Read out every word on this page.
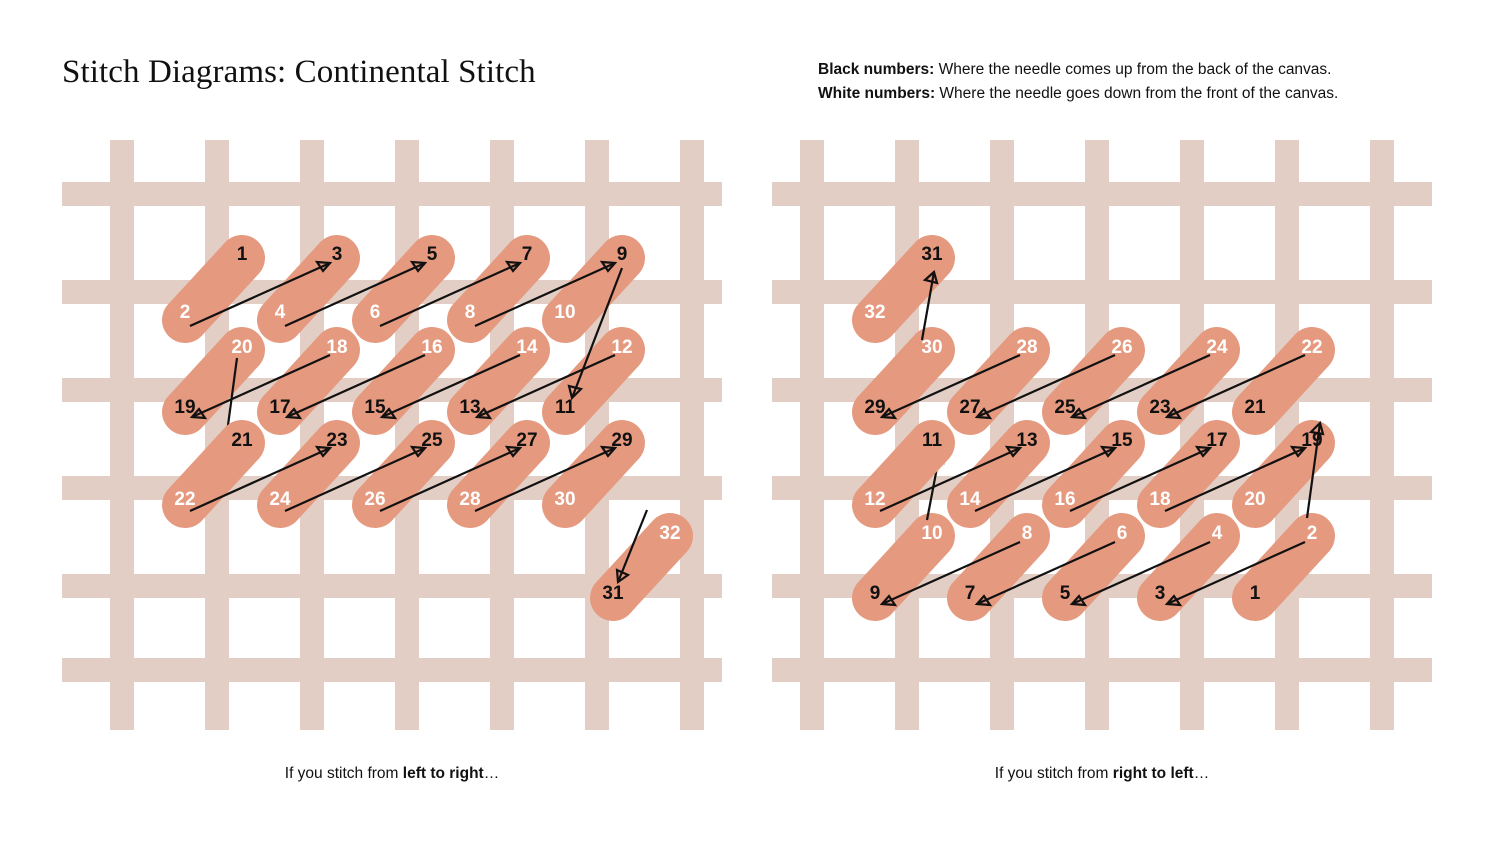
Stitch Diagrams: Continental Stitch	Black numbers: Where the needle comes up from the back of the canvas.
White numbers: Where the needle goes down from the front of the canvas.
2
1
4
3
6
5
8
7
10
9
19
20
17
18
15
16
13
14
11
12
22
21
24
23
26
25
28
27
30
29
31
32
1
2
3
4
5
6
7
8
9
10
12
11
14
13
16
15
18
17
20
19
21
22
23
24
25
26
27
28
29
30
32
31
If you stitch from left to right…	If you stitch from right to left…
